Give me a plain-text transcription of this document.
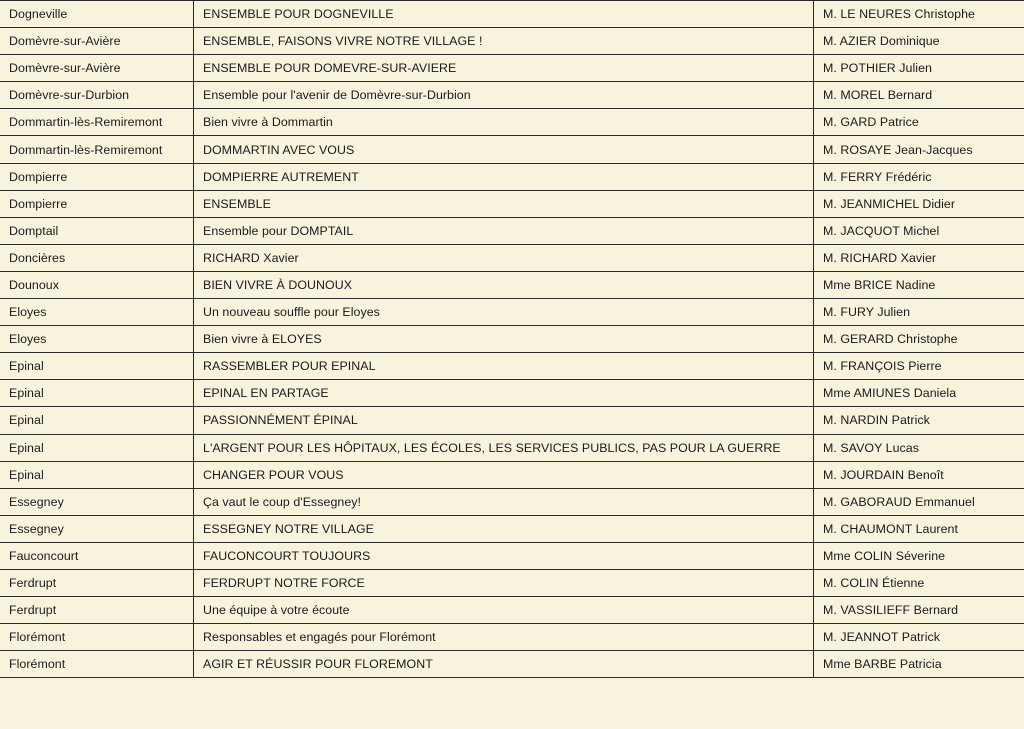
Dogneville	ENSEMBLE POUR DOGNEVILLE	M. LE NEURES Christophe
Domèvre-sur-Avière	ENSEMBLE, FAISONS VIVRE NOTRE VILLAGE !	M. AZIER Dominique
Domèvre-sur-Avière	ENSEMBLE POUR DOMEVRE-SUR-AVIERE	M. POTHIER Julien
Domèvre-sur-Durbion	Ensemble pour l'avenir de Domèvre-sur-Durbion	M. MOREL Bernard
Dommartin-lès-Remiremont	Bien vivre à Dommartin	M. GARD Patrice
Dommartin-lès-Remiremont	DOMMARTIN AVEC VOUS	M. ROSAYE Jean-Jacques
Dompierre	DOMPIERRE AUTREMENT	M. FERRY Frédéric
Dompierre	ENSEMBLE	M. JEANMICHEL Didier
Domptail	Ensemble pour DOMPTAIL	M. JACQUOT Michel
Doncières	RICHARD Xavier	M. RICHARD Xavier
Dounoux	BIEN VIVRE À DOUNOUX	Mme BRICE Nadine
Eloyes	Un nouveau souffle pour Eloyes	M. FURY Julien
Eloyes	Bien vivre à ELOYES	M. GERARD Christophe
Epinal	RASSEMBLER POUR EPINAL	M. FRANÇOIS Pierre
Epinal	EPINAL EN PARTAGE	Mme AMIUNES Daniela
Epinal	PASSIONNÉMENT ÉPINAL	M. NARDIN Patrick
Epinal	L'ARGENT POUR LES HÔPITAUX, LES ÉCOLES, LES SERVICES PUBLICS, PAS POUR LA GUERRE	M. SAVOY Lucas
Epinal	CHANGER POUR VOUS	M. JOURDAIN Benoît
Essegney	Ça vaut le coup d'Essegney!	M. GABORAUD Emmanuel
Essegney	ESSEGNEY NOTRE VILLAGE	M. CHAUMONT Laurent
Fauconcourt	FAUCONCOURT TOUJOURS	Mme COLIN Séverine
Ferdrupt	FERDRUPT NOTRE FORCE	M. COLIN Étienne
Ferdrupt	Une équipe à votre écoute	M. VASSILIEFF Bernard
Florémont	Responsables et engagés pour Florémont	M. JEANNOT Patrick
Florémont	AGIR ET RÉUSSIR POUR FLOREMONT	Mme BARBE Patricia
